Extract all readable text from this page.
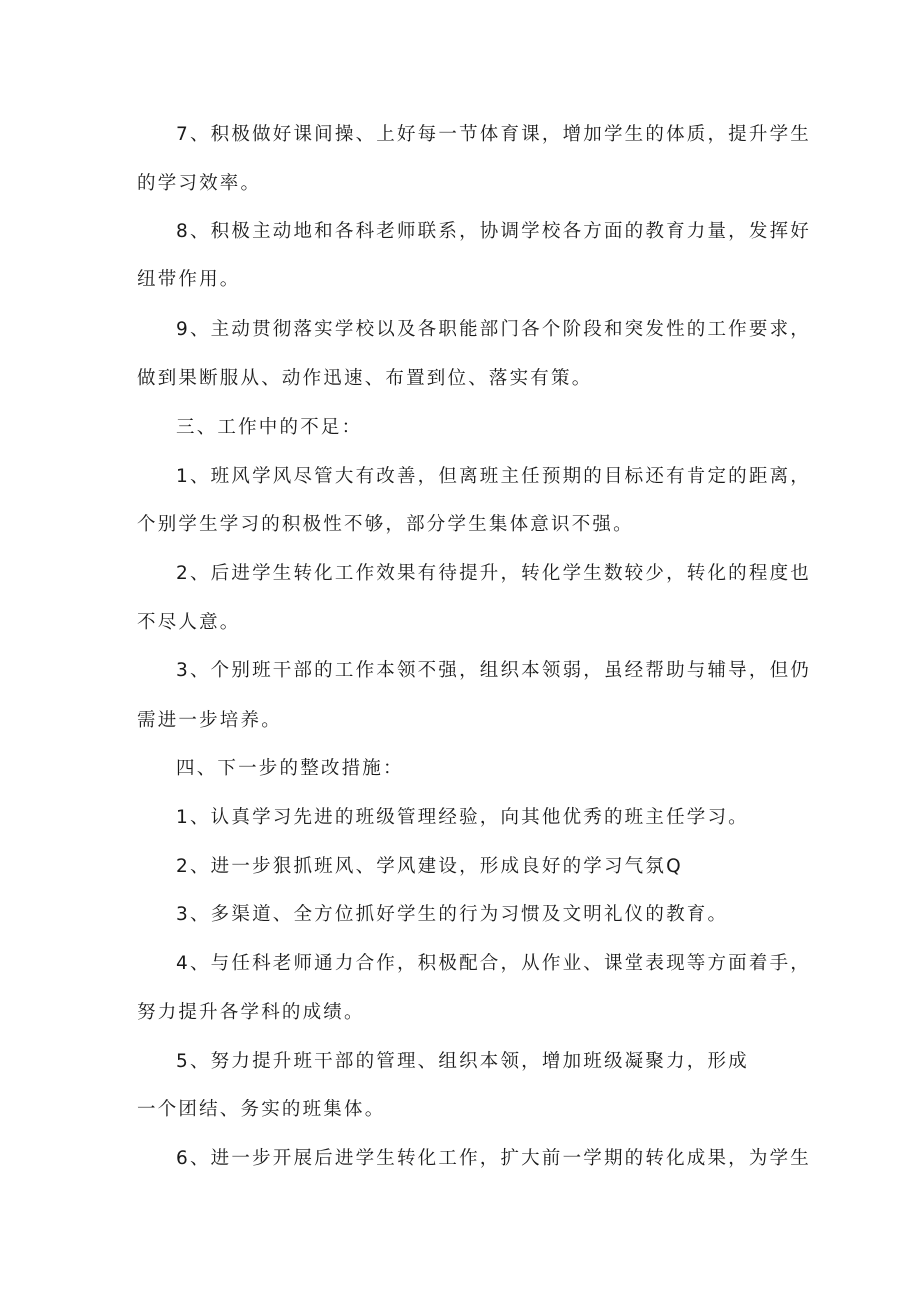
7、积极做好课间操、上好每一节体育课，增加学生的体质，提升学生
的学习效率。
8、积极主动地和各科老师联系，协调学校各方面的教育力量，发挥好
纽带作用。
9、主动贯彻落实学校以及各职能部门各个阶段和突发性的工作要求，
做到果断服从、动作迅速、布置到位、落实有策。
三、工作中的不足：
1、班风学风尽管大有改善，但离班主任预期的目标还有肯定的距离，
个别学生学习的积极性不够，部分学生集体意识不强。
2、后进学生转化工作效果有待提升，转化学生数较少，转化的程度也
不尽人意。
3、个别班干部的工作本领不强，组织本领弱，虽经帮助与辅导，但仍
需进一步培养。
四、下一步的整改措施：
1、认真学习先进的班级管理经验，向其他优秀的班主任学习。
2、进一步狠抓班风、学风建设，形成良好的学习气氛Q
3、多渠道、全方位抓好学生的行为习惯及文明礼仪的教育。
4、与任科老师通力合作，积极配合，从作业、课堂表现等方面着手，
努力提升各学科的成绩。
5、努力提升班干部的管理、组织本领，增加班级凝聚力，形成
一个团结、务实的班集体。
6、进一步开展后进学生转化工作，扩大前一学期的转化成果，为学生
